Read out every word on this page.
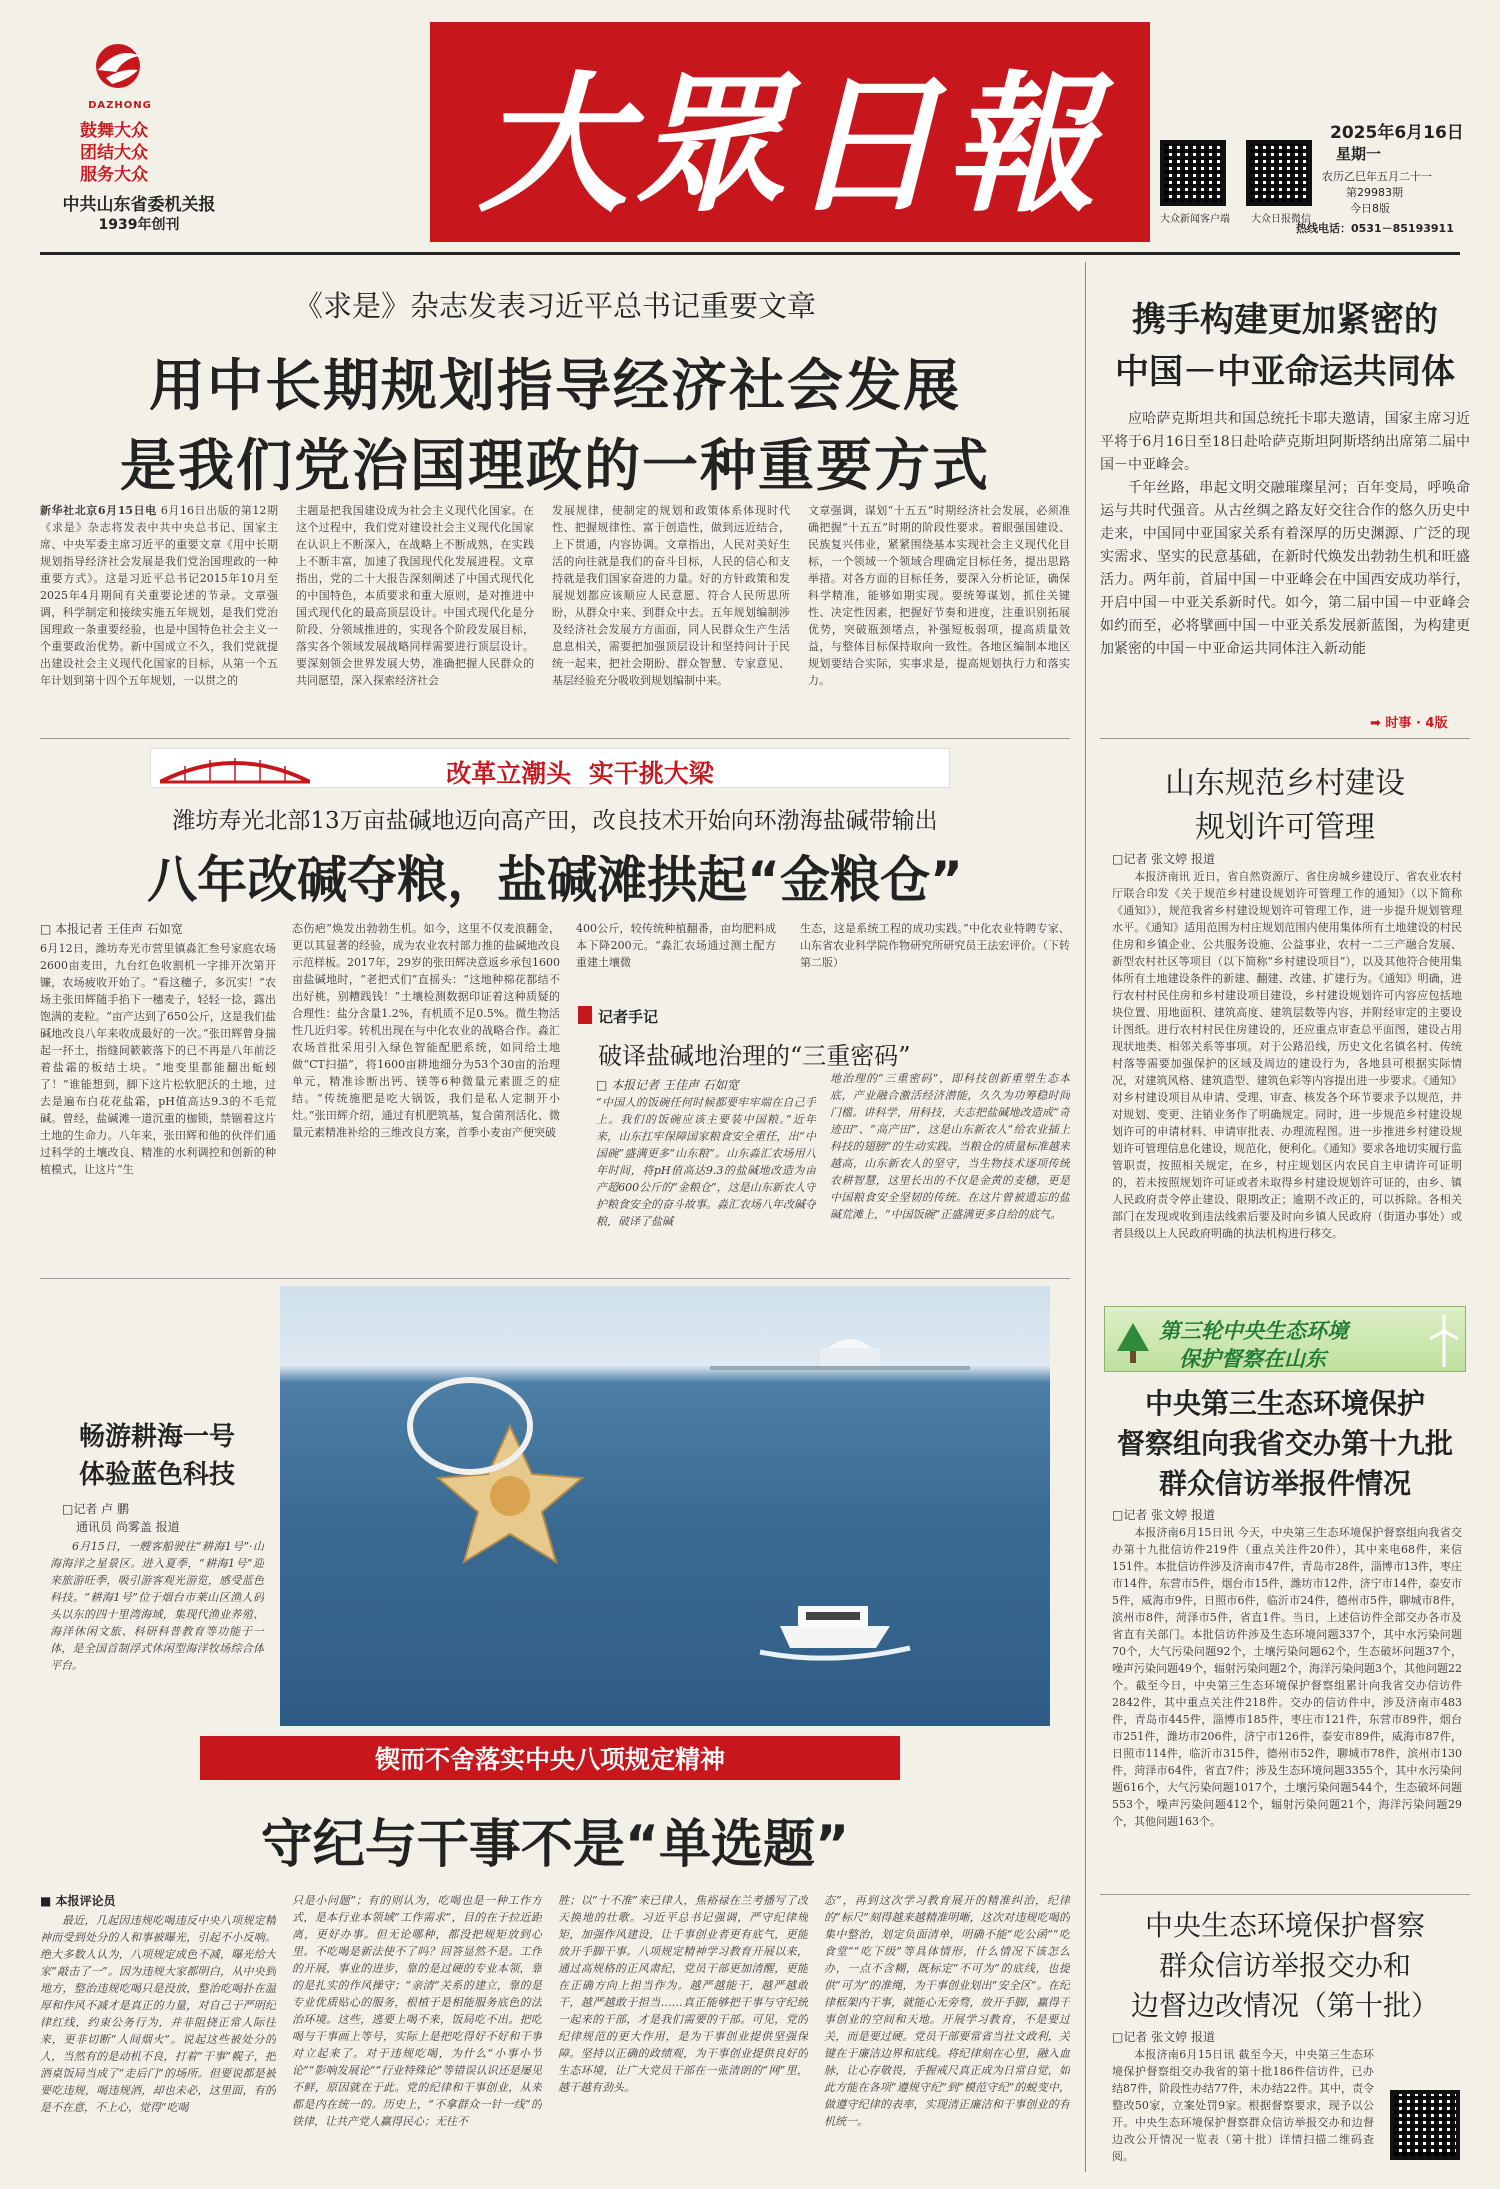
DAZHONG
鼓舞大众
团结大众
服务大众
中共山东省委机关报
1939年创刊	大眾日報	大众新闻客户端	大众日报微信
2025年6月16日
星期一
农历乙巳年五月二十一
第29983期
今日8版
热线电话：0531－85193911
《求是》杂志发表习近平总书记重要文章
用中长期规划指导经济社会发展
是我们党治国理政的一种重要方式
新华社北京6月15日电 6月16日出版的第12期《求是》杂志将发表中共中央总书记、国家主席、中央军委主席习近平的重要文章《用中长期规划指导经济社会发展是我们党治国理政的一种重要方式》。这是习近平总书记2015年10月至2025年4月期间有关重要论述的节录。文章强调，科学制定和接续实施五年规划，是我们党治国理政一条重要经验，也是中国特色社会主义一个重要政治优势。新中国成立不久，我们党就提出建设社会主义现代化国家的目标，从第一个五年计划到第十四个五年规划，一以贯之的
主题是把我国建设成为社会主义现代化国家。在这个过程中，我们党对建设社会主义现代化国家在认识上不断深入，在战略上不断成熟，在实践上不断丰富，加速了我国现代化发展进程。文章指出，党的二十大报告深刻阐述了中国式现代化的中国特色，本质要求和重大原则，是对推进中国式现代化的最高顶层设计。中国式现代化是分阶段、分领域推进的，实现各个阶段发展目标，落实各个领域发展战略同样需要进行顶层设计。要深刻领会世界发展大势，准确把握人民群众的共同愿望，深入探索经济社会
发展规律，使制定的规划和政策体系体现时代性、把握规律性、富于创造性，做到远近结合，上下贯通，内容协调。文章指出，人民对美好生活的向往就是我们的奋斗目标，人民的信心和支持就是我们国家奋进的力量。好的方针政策和发展规划都应该顺应人民意愿、符合人民所思所盼，从群众中来、到群众中去。五年规划编制涉及经济社会发展方方面面，同人民群众生产生活息息相关，需要把加强顶层设计和坚持问计于民统一起来，把社会期盼、群众智慧、专家意见、基层经验充分吸收到规划编制中来。
文章强调，谋划“十五五”时期经济社会发展，必须准确把握“十五五”时期的阶段性要求。着眼强国建设、民族复兴伟业，紧紧围绕基本实现社会主义现代化目标，一个领域一个领域合理确定目标任务，提出思路举措。对各方面的目标任务，要深入分析论证，确保科学精准，能够如期实现。要统筹谋划，抓住关键性、决定性因素，把握好节奏和进度，注重识别拓展优势，突破瓶颈堵点，补强短板弱项，提高质量效益，与整体目标保持取向一致性。各地区编制本地区规划要结合实际，实事求是，提高规划执行力和落实力。
携手构建更加紧密的
中国－中亚命运共同体

应哈萨克斯坦共和国总统托卡耶夫邀请，国家主席习近平将于6月16日至18日赴哈萨克斯坦阿斯塔纳出席第二届中国－中亚峰会。

千年丝路，串起文明交融璀璨星河；百年变局，呼唤命运与共时代强音。从古丝绸之路友好交往合作的悠久历史中走来，中国同中亚国家关系有着深厚的历史渊源、广泛的现实需求、坚实的民意基础，在新时代焕发出勃勃生机和旺盛活力。两年前，首届中国－中亚峰会在中国西安成功举行，开启中国－中亚关系新时代。如今，第二届中国－中亚峰会如约而至，必将擘画中国－中亚关系发展新蓝图，为构建更加紧密的中国－中亚命运共同体注入新动能

➡ 时事 · 4版
改革立潮头  实干挑大梁
潍坊寿光北部13万亩盐碱地迈向高产田，改良技术开始向环渤海盐碱带输出
八年改碱夺粮，盐碱滩拱起“金粮仓”
□ 本报记者 王佳声 石如宽
6月12日，潍坊寿光市营里镇淼汇叁号家庭农场2600亩麦田，九台红色收割机一字排开次第开镰，农场疲收开始了。“看这穗子，多沉实！”农场主张田辉随手掐下一穗麦子，轻轻一捻，露出饱满的麦粒。“亩产达到了650公斤，这是我们盐碱地改良八年来收成最好的一次。”张田辉曾身揣起一抔土，指缝间簌簌落下的已不再是八年前泛着盐霜的板结土块。“地变里都能翻出蚯蚓了！”谁能想到，脚下这片松软肥沃的土地，过去是遍布白花花盐霜，pH值高达9.3的不毛荒碱。曾经，盐碱滩一道沉重的枷锁，禁锢着这片土地的生命力。八年来，张田辉和他的伙伴们通过科学的土壤改良、精准的水利调控和创新的种植模式，让这片“生
态伤疤”焕发出勃勃生机。如今，这里不仅麦浪翻金，更以其显著的经验，成为农业农村部力推的盐碱地改良示范样板。2017年，29岁的张田辉决意返乡承包1600亩盐碱地时，“老把式们”直摇头：“这地种棉花都结不出好桃，别糟践钱！”土壤检测数据印证着这种质疑的合理性：盐分含量1.2%，有机质不足0.5%。微生物活性几近归零。转机出现在与中化农业的战略合作。淼汇农场首批采用引入绿色智能配肥系统，如同给土地做“CT扫描”，将1600亩耕地细分为53个30亩的治理单元，精准诊断出钙、镁等6种微量元素匮乏的症结。“传统施肥是吃大锅饭，我们是私人定制开小灶。”张田辉介绍，通过有机肥筑基，复合菌剂活化、微量元素精准补给的三维改良方案，首季小麦亩产便突破
400公斤，较传统种植翻番，亩均肥料成本下降200元。“淼汇农场通过测土配方重建土壤微
生态，这是系统工程的成功实践。”中化农业特聘专家、山东省农业科学院作物研究所研究员王法宏评价。（下转第二版）
记者手记
破译盐碱地治理的“三重密码”
□ 本报记者 王佳声 石如宽
“中国人的饭碗任何时候都要牢牢端在自己手上。我们的饭碗应该主要装中国粮。”近年来，山东扛牢保障国家粮食安全重任，出“中国碗”盛满更多“山东粮”。山东淼汇农场用八年时间，将pH值高达9.3的盐碱地改造为亩产超600公斤的“金粮仓”，这是山东新农人守护粮食安全的奋斗故事。淼汇农场八年改碱夺粮，破译了盐碱
地治理的“三重密码”，即科技创新重塑生态本底，产业融合激活经济潜能，久久为功筹稳时间门槛。讲科学，用科技，夫志把盐碱地改造成“奇迹田”、“高产田”，这是山东新农人“给农业插上科技的翅膀”的生动实践。当粮仓的质量标准越来越高，山东新农人的坚守，当生物技术逐项传统农耕智慧，这里长出的不仅是金黄的麦穗，更是中国粮食安全坚韧的传统。在这片曾被遗忘的盐碱荒滩上，“中国饭碗”正盛满更多自给的底气。
畅游耕海一号
体验蓝色科技
□记者 卢 鹏
通讯员 尚雾盖 报道
6月15日，一艘客船驶往“耕海1号”·山海海洋之星景区。进入夏季，“耕海1号”迎来旅游旺季，吸引游客观光游览，感受蓝色科技。“耕海1号”位于烟台市莱山区渔人码头以东的四十里湾海域，集现代渔业养殖、海洋休闲文旅、科研科普教育等功能于一体，是全国首制浮式休闲型海洋牧场综合体平台。
锲而不舍落实中央八项规定精神
守纪与干事不是“单选题”
■ 本报评论员
最近，几起因违规吃喝违反中央八项规定精神而受到处分的人和事被曝光，引起不小反响。绝大多数人认为，八项规定成色不减，曝光给大家“敲击了一”。因为违规大家都明白，从中央到地方，整治违规吃喝只是没放，整治吃喝扑在温厚和作风不减才是真正的力量，对自己于严明纪律红线，约束公务行为，并非阻挠正常人际往来，更非切断“人间烟火”。说起这些被处分的人，当然有的是动机不良，打着“干事”幌子，把酒桌饭局当成了“走后门”的场所。但要说都是被要吃违规，喝违规酒，却也未必，这里面，有的是不在意，不上心，觉得“吃喝
只是小问题”；有的则认为，吃喝也是一种工作方式，是本行业本领域“工作需求”，目的在于拉近距离，更好办事。但无论哪种，都没把规矩放到心里。不吃喝是新法使不了吗？回答显然不是。工作的开展，事业的进步，靠的是过硬的专业本领，靠的是扎实的作风操守；“亲清”关系的建立，靠的是专业优质贴心的服务，根植于是相能服务底色的法治环境。这些，逃要上喝不来，饭局吃不出。把吃喝与干事画上等号，实际上是把吃得好不好和干事对立起来了。对于违规吃喝，为什么“小事小节论”“影响发展论”“行业特殊论”等错误认识还是屡见不鲜，原因就在于此。党的纪律和干事创业，从来都是内在统一的。历史上，“不拿群众一针一线”的铁律，让共产党人赢得民心；无往不
胜；以“十不准”来已律人，焦裕禄在兰考播写了改天换地的壮歌。习近平总书记强调，严守纪律规矩，加强作风建设，让千事创业者更有底气，更能放开手脚干事。八项规定精神学习教育开展以来，通过高规格的正风肃纪，党员干部更加清醒，更能在正确方向上担当作为。越严越能干，越严越敢干，越严越敢于担当……真正能够把干事与守纪统一起来的干部，才是我们需要的干部。可见，党的纪律规范的更大作用，是为干事创业提供坚强保障。坚持以正确的政绩观，为干事创业提供良好的生态环境，让广大党员干部在一张清朗的“网”里，越干越有劲头。
态”，再到这次学习教育展开的精准纠治，纪律的“标尺”刻得越来越精准明晰，这次对违规吃喝的集中整治，划定负面清单，明确不能“吃公函”“吃食堂”“吃下级”等具体情形，什么情况下该怎么办，一点不含糊，既标定“不可为”的底线，也提供“可为”的准绳，为干事创业划出“安全区”。在纪律框架内干事，就能心无旁骛，放开手脚，赢得干事创业的空间和天地。开展学习教育，不是要过关，而是要过硬。党员干部要常省当社文政利，关键在于廉洁边界和底线。将纪律刻在心里，融入血脉，让心存敬畏，手握戒尺真正成为日常自觉，如此方能在各项“遵规守纪”到“模范守纪”的蜕变中，做遵守纪律的表率，实现清正廉洁和干事创业的有机统一。
山东规范乡村建设
规划许可管理
□记者 张文婷 报道
本报济南讯 近日，省自然资源厅、省住房城乡建设厅、省农业农村厅联合印发《关于规范乡村建设规划许可管理工作的通知》（以下简称《通知》），规范我省乡村建设规划许可管理工作，进一步提升规划管理水平。《通知》适用范围为村庄规划范围内使用集体所有土地建设的村民住房和乡镇企业、公共服务设施、公益事业，农村一二三产融合发展、新型农村社区等项目（以下简称“乡村建设项目”），以及其他符合使用集体所有土地建设条件的新建、翻建、改建、扩建行为。《通知》明确，进行农村村民住房和乡村建设项目建设，乡村建设规划许可内容应包括地块位置、用地面积、建筑高度、建筑层数等内容，并附经审定的主要设计图纸。进行农村村民住房建设的，还应重点审查总平面图，建设占用现状地类、相邻关系等事项。对于公路沿线，历史文化名镇名村、传统村落等需要加强保护的区域及周边的建设行为，各地县可根据实际情况，对建筑风格、建筑造型、建筑色彩等内容提出进一步要求。《通知》对乡村建设项目从申请、受理、审查、核发各个环节要求予以规范，并对规划、变更、注销业务作了明确规定。同时，进一步规范乡村建设规划许可的申请材料、申请审批表、办理流程图。进一步推进乡村建设规划许可管理信息化建设，规范化，便利化。《通知》要求各地切实履行监管职责，按照相关规定，在乡，村庄规划区内农民自主申请许可证明的，若未按照规划许可证或者未取得乡村建设规划许可证的，由乡、镇人民政府责令停止建设、限期改正；逾期不改正的，可以拆除。各相关部门在发现或收到违法线索后要及时向乡镇人民政府（街道办事处）或者县级以上人民政府明确的执法机构进行移交。
第三轮中央生态环境
保护督察在山东
中央第三生态环境保护
督察组向我省交办第十九批
群众信访举报件情况
□记者 张文婷 报道
本报济南6月15日讯 今天，中央第三生态环境保护督察组向我省交办第十九批信访件219件（重点关注件20件），其中来电68件，来信151件。本批信访件涉及济南市47件，青岛市28件，淄博市13件，枣庄市14件，东营市5件，烟台市15件，潍坊市12件，济宁市14件，泰安市5件，威海市9件，日照市6件，临沂市24件，德州市5件，聊城市8件，滨州市8件，菏泽市5件，省直1件。当日，上述信访件全部交办各市及省直有关部门。本批信访件涉及生态环境问题337个，其中水污染问题70个，大气污染问题92个，土壤污染问题62个，生态破坏问题37个，噪声污染问题49个，辐射污染问题2个，海洋污染问题3个，其他问题22个。截至今日，中央第三生态环境保护督察组累计向我省交办信访件2842件，其中重点关注件218件。交办的信访件中，涉及济南市483件，青岛市445件，淄博市185件，枣庄市121件，东营市89件，烟台市251件，潍坊市206件，济宁市126件，泰安市89件，威海市87件，日照市114件，临沂市315件，德州市52件，聊城市78件，滨州市130件，菏泽市64件，省直7件；涉及生态环境问题3355个，其中水污染问题616个，大气污染问题1017个，土壤污染问题544个，生态破坏问题553个，噪声污染问题412个，辐射污染问题21个，海洋污染问题29个，其他问题163个。
中央生态环境保护督察
群众信访举报交办和
边督边改情况（第十批）
□记者 张文婷 报道
本报济南6月15日讯 截至今天，中央第三生态环境保护督察组交办我省的第十批186件信访件，已办结87件，阶段性办结77件，未办结22件。其中，责令整改50家，立案处罚9家。根据督察要求，现予以公开。中央生态环境保护督察群众信访举报交办和边督边改公开情况一览表（第十批）详情扫描二维码查阅。
